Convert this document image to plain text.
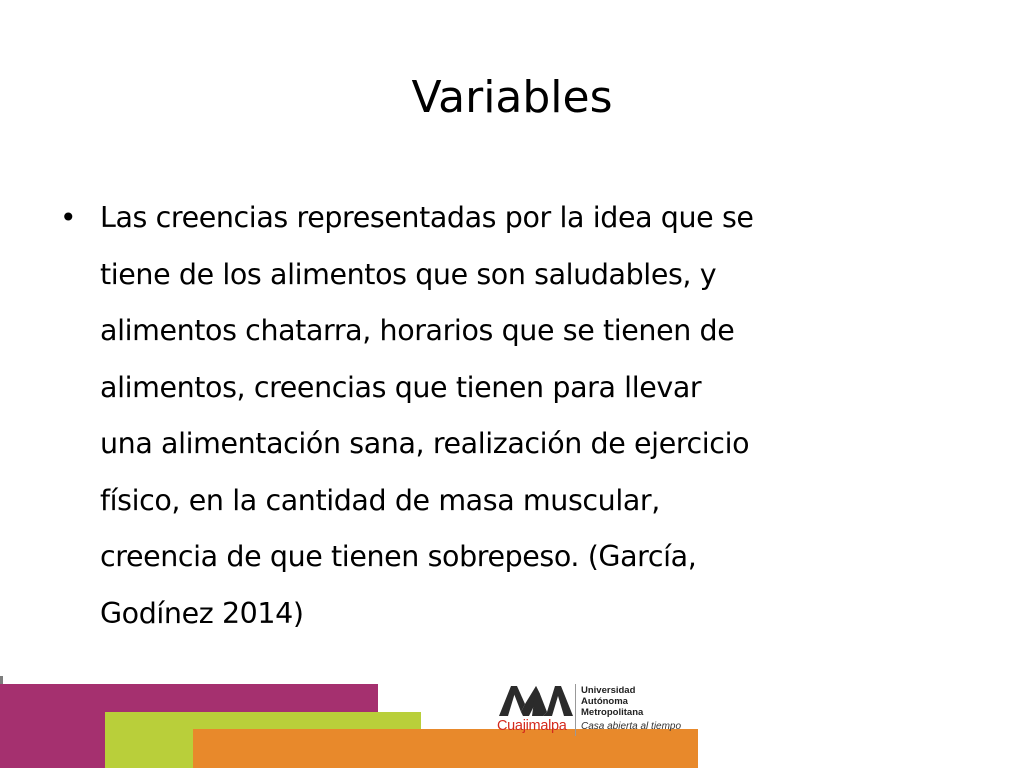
Variables
• Las creencias representadas por la idea que se
tiene de los alimentos que son saludables, y
alimentos chatarra, horarios que se tienen de
alimentos, creencias que tienen para llevar
una alimentación sana, realización de ejercicio
físico, en la cantidad de masa muscular,
creencia de que tienen sobrepeso. (García,
Godínez 2014)
Cuajimalpa
Universidad
Autónoma
Metropolitana
Casa abierta al tiempo
